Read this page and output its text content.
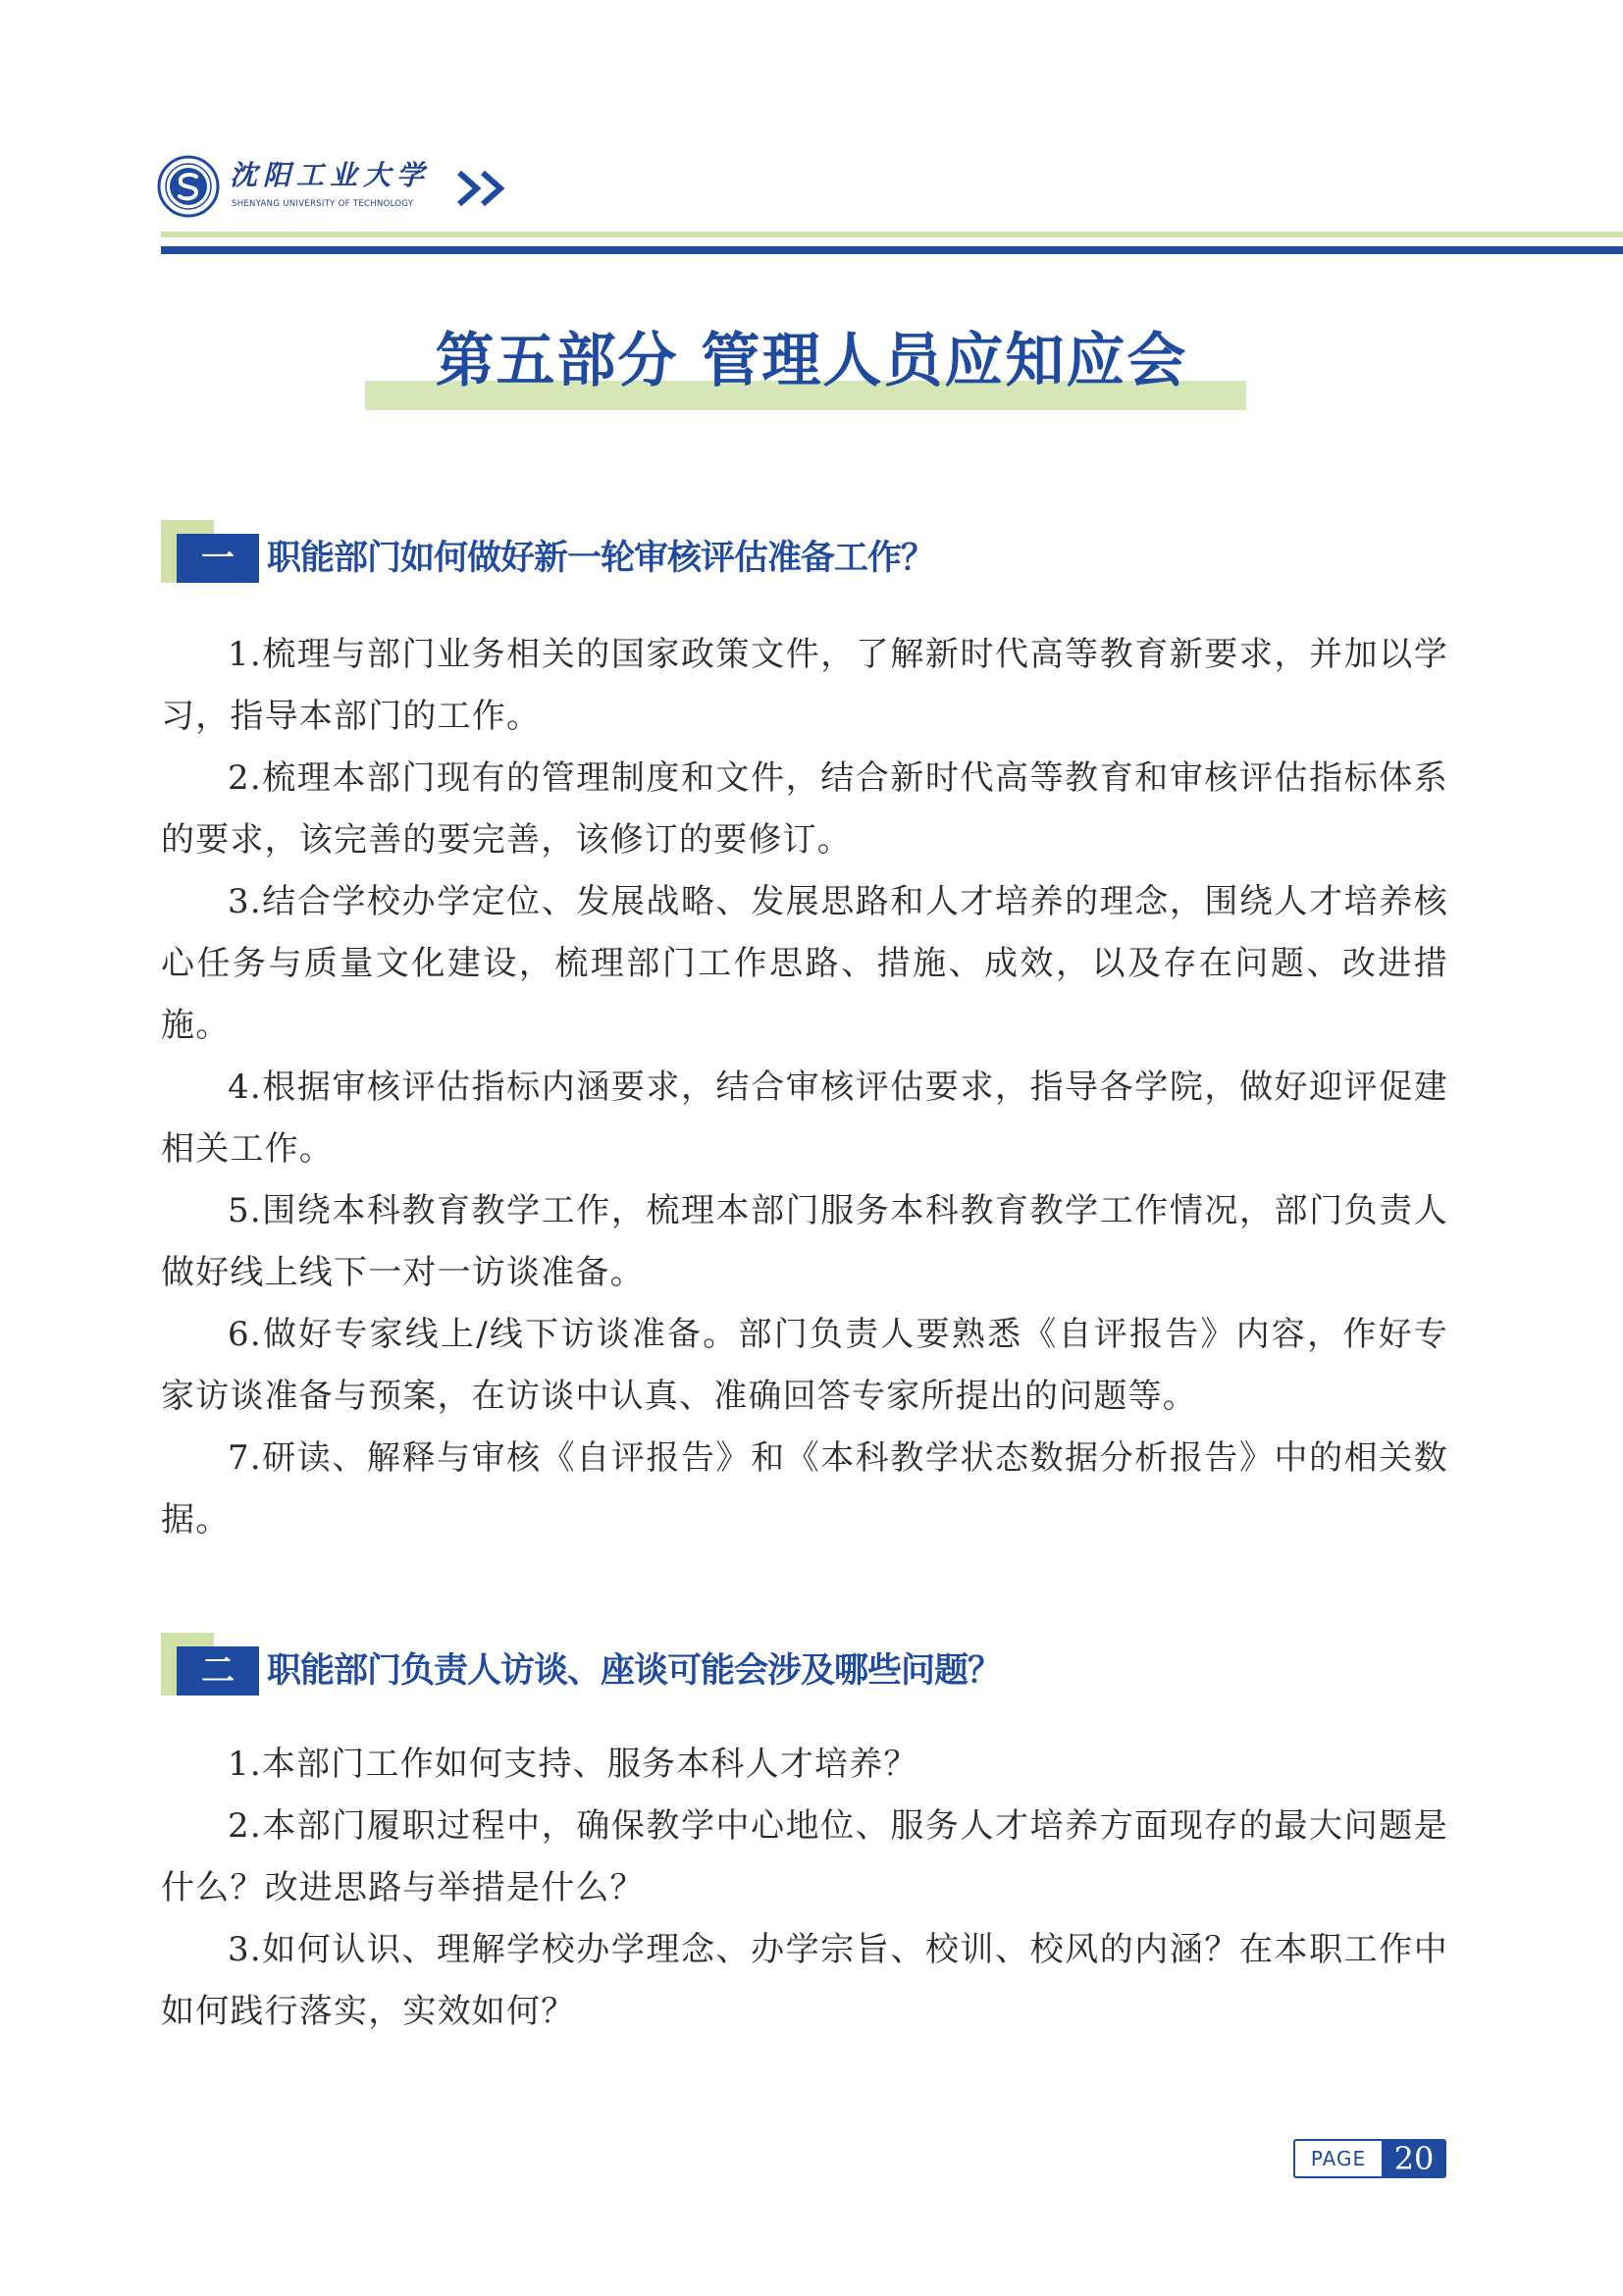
沈阳工业大学
SHENYANG UNIVERSITY OF TECHNOLOGY
第五部分 管理人员应知应会
一 职能部门如何做好新一轮审核评估准备工作？

1.梳理与部门业务相关的国家政策文件，了解新时代高等教育新要求，并加以学习，指导本部门的工作。

2.梳理本部门现有的管理制度和文件，结合新时代高等教育和审核评估指标体系的要求，该完善的要完善，该修订的要修订。

3.结合学校办学定位、发展战略、发展思路和人才培养的理念，围绕人才培养核心任务与质量文化建设，梳理部门工作思路、措施、成效，以及存在问题、改进措施。

4.根据审核评估指标内涵要求，结合审核评估要求，指导各学院，做好迎评促建相关工作。

5.围绕本科教育教学工作，梳理本部门服务本科教育教学工作情况，部门负责人做好线上线下一对一访谈准备。

6.做好专家线上/线下访谈准备。部门负责人要熟悉《自评报告》内容，作好专家访谈准备与预案，在访谈中认真、准确回答专家所提出的问题等。

7.研读、解释与审核《自评报告》和《本科教学状态数据分析报告》中的相关数据。

二 职能部门负责人访谈、座谈可能会涉及哪些问题？

1.本部门工作如何支持、服务本科人才培养？

2.本部门履职过程中，确保教学中心地位、服务人才培养方面现存的最大问题是什么？改进思路与举措是什么？

3.如何认识、理解学校办学理念、办学宗旨、校训、校风的内涵？在本职工作中如何践行落实，实效如何？

PAGE 20
